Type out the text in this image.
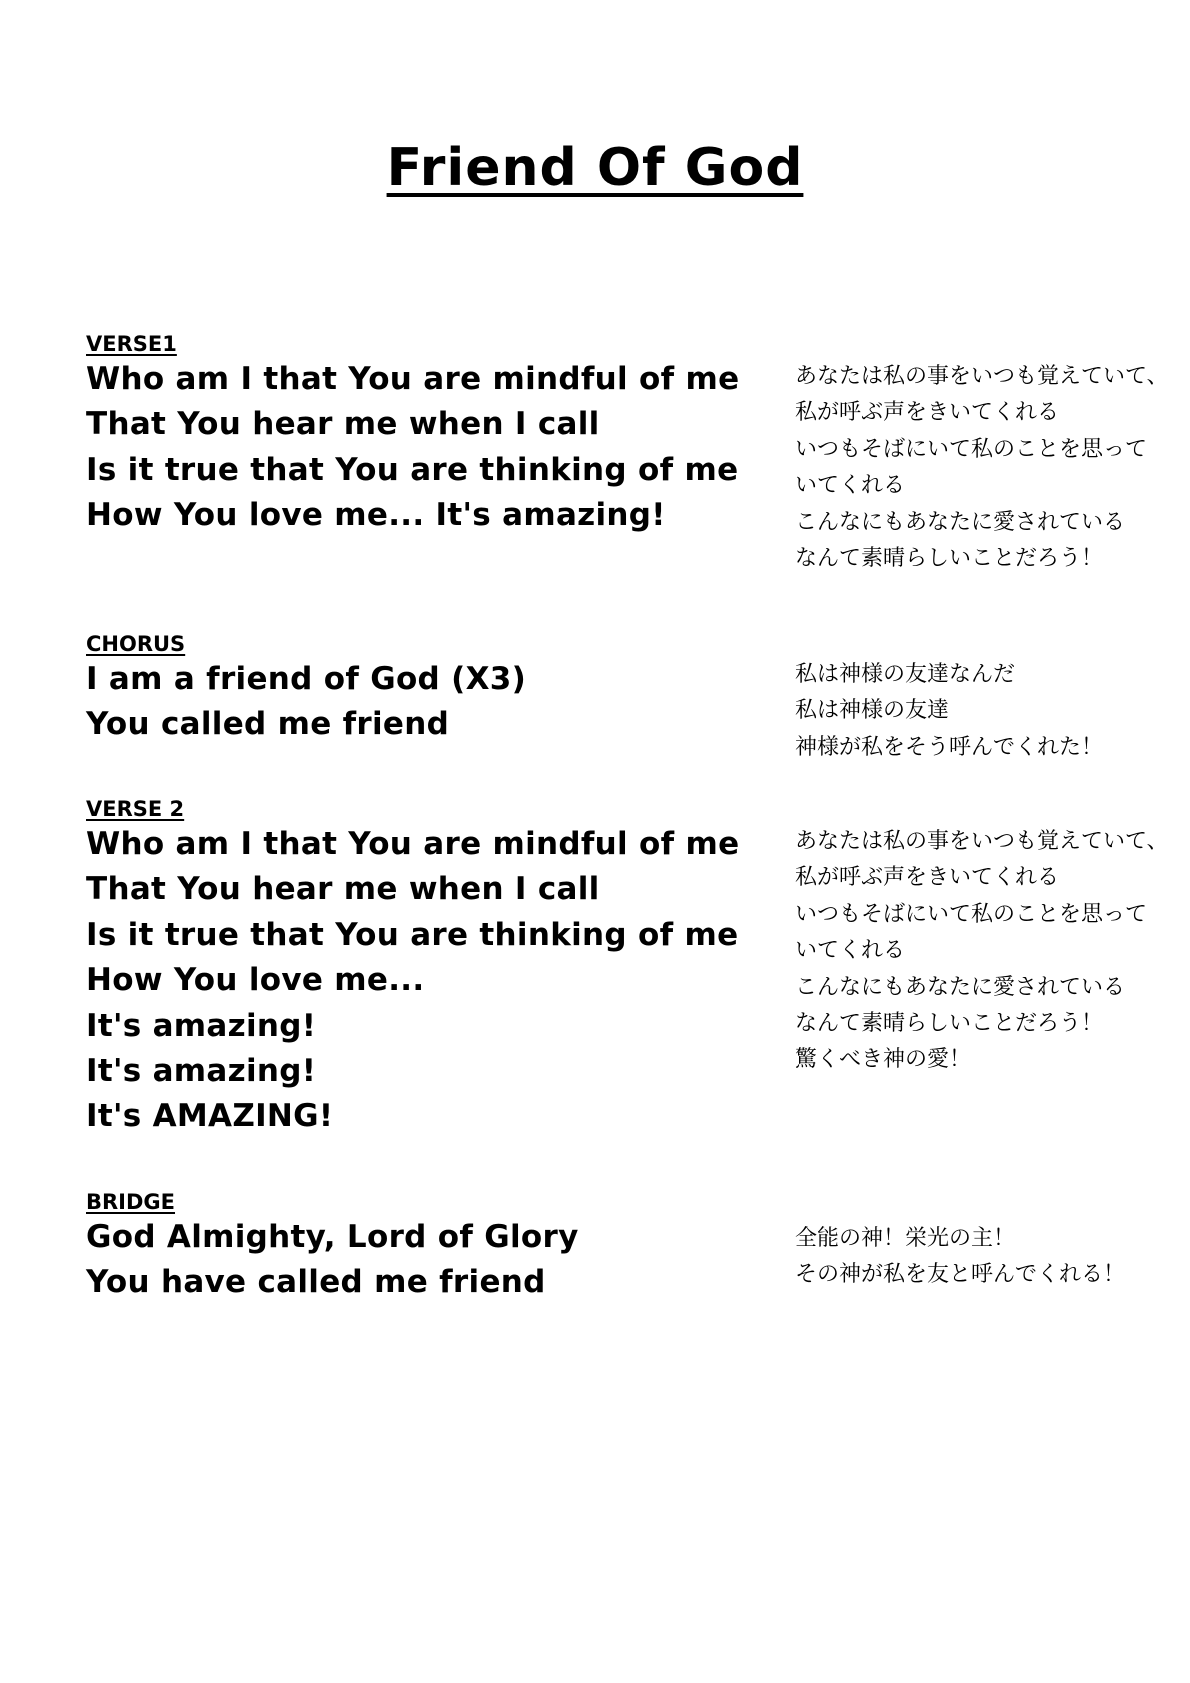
Friend Of God
VERSE1
あなたは私の事をいつも覚えていて、
私が呼ぶ声をきいてくれる
いつもそばにいて私のことを思って
いてくれる
こんなにもあなたに愛されている
なんて素晴らしいことだろう！
Who am I that You are mindful of me
That You hear me when I call
Is it true that You are thinking of me
How You love me... It's amazing!
CHORUS
私は神様の友達なんだ
私は神様の友達
神様が私をそう呼んでくれた！
I am a friend of God (X3)
You called me friend
VERSE 2
あなたは私の事をいつも覚えていて、
私が呼ぶ声をきいてくれる
いつもそばにいて私のことを思って
いてくれる
こんなにもあなたに愛されている
なんて素晴らしいことだろう！
驚くべき神の愛！
Who am I that You are mindful of me
That You hear me when I call
Is it true that You are thinking of me
How You love me...
It's amazing!
It's amazing!
It's AMAZING!
BRIDGE
全能の神！栄光の主！
その神が私を友と呼んでくれる！
God Almighty, Lord of Glory
You have called me friend
